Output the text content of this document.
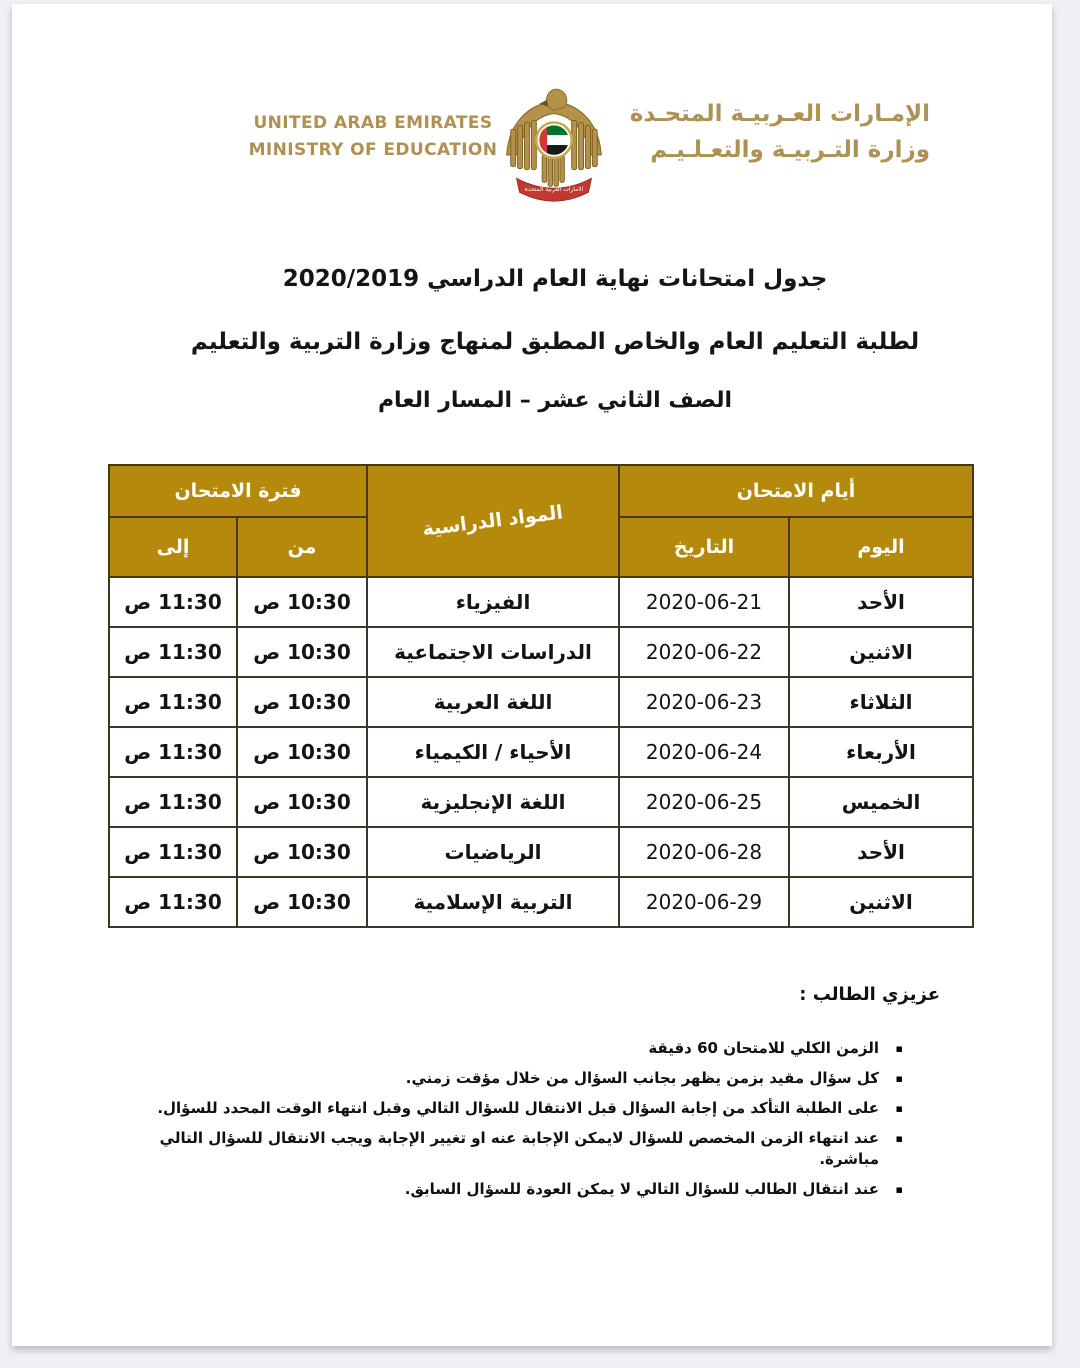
UNITED ARAB EMIRATES
MINISTRY OF EDUCATION
الامارات العربية المتحدة
الإمـارات العـربيـة المتحـدة
وزارة التـربيـة والتعـلـيـم

جدول امتحانات نهاية العام الدراسي 2020/2019

لطلبة التعليم العام والخاص المطبق لمنهاج وزارة التربية والتعليم

الصف الثاني عشر – المسار العام

أيام الامتحان		المواد الدراسية	فترة الامتحان	
اليوم	التاريخ		من	إلى
الأحد	2020-06-21	الفيزياء	10:30 ص	11:30 ص
الاثنين	2020-06-22	الدراسات الاجتماعية	10:30 ص	11:30 ص
الثلاثاء	2020-06-23	اللغة العربية	10:30 ص	11:30 ص
الأربعاء	2020-06-24	الأحياء / الكيمياء	10:30 ص	11:30 ص
الخميس	2020-06-25	اللغة الإنجليزية	10:30 ص	11:30 ص
الأحد	2020-06-28	الرياضيات	10:30 ص	11:30 ص
الاثنين	2020-06-29	التربية الإسلامية	10:30 ص	11:30 ص
عزيزي الطالب :
▪ الزمن الكلي للامتحان 60 دقيقة
▪ كل سؤال مقيد بزمن يظهر بجانب السؤال من خلال مؤقت زمني.
▪ على الطلبة التأكد من إجابة السؤال قبل الانتقال للسؤال التالي وقبل انتهاء الوقت المحدد للسؤال.
▪ عند انتهاء الزمن المخصص للسؤال لايمكن الإجابة عنه او تغيير الإجابة ويجب الانتقال للسؤال التالي مباشرة.
▪ عند انتقال الطالب للسؤال التالي لا يمكن العودة للسؤال السابق.
